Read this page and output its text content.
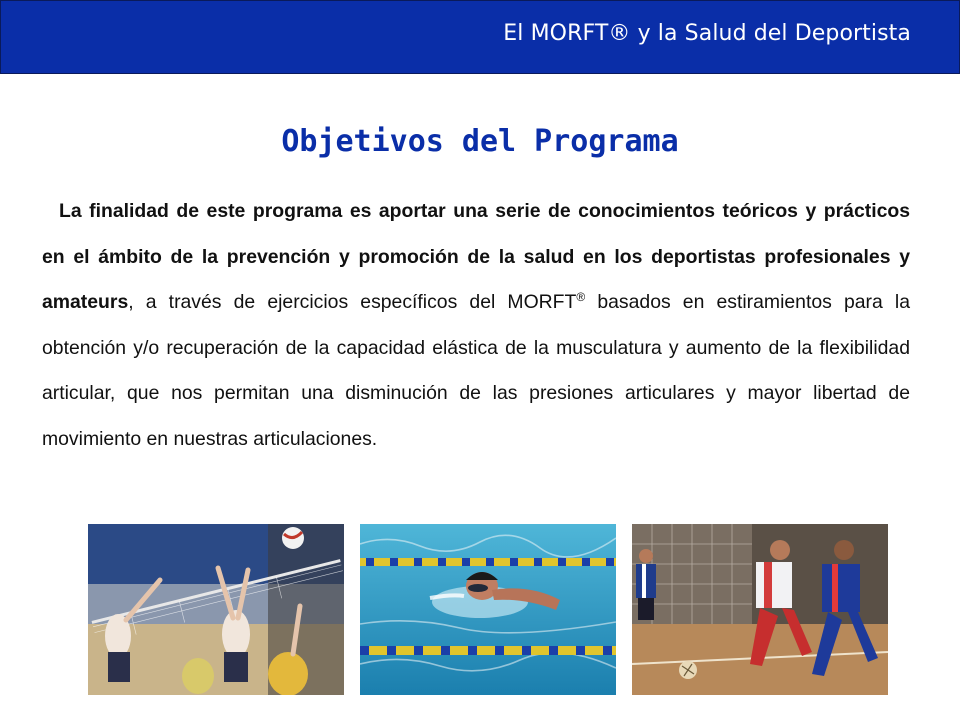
El MORFT® y la Salud del Deportista
Objetivos del Programa
La finalidad de este programa es aportar una serie de conocimientos teóricos y prácticos en el ámbito de la prevención y promoción de la salud en los deportistas profesionales y amateurs, a través de ejercicios específicos del MORFT® basados en estiramientos para la obtención y/o recuperación de la capacidad elástica de la musculatura y aumento de la flexibilidad articular, que nos permitan una disminución de las presiones articulares y mayor libertad de movimiento en nuestras articulaciones.
